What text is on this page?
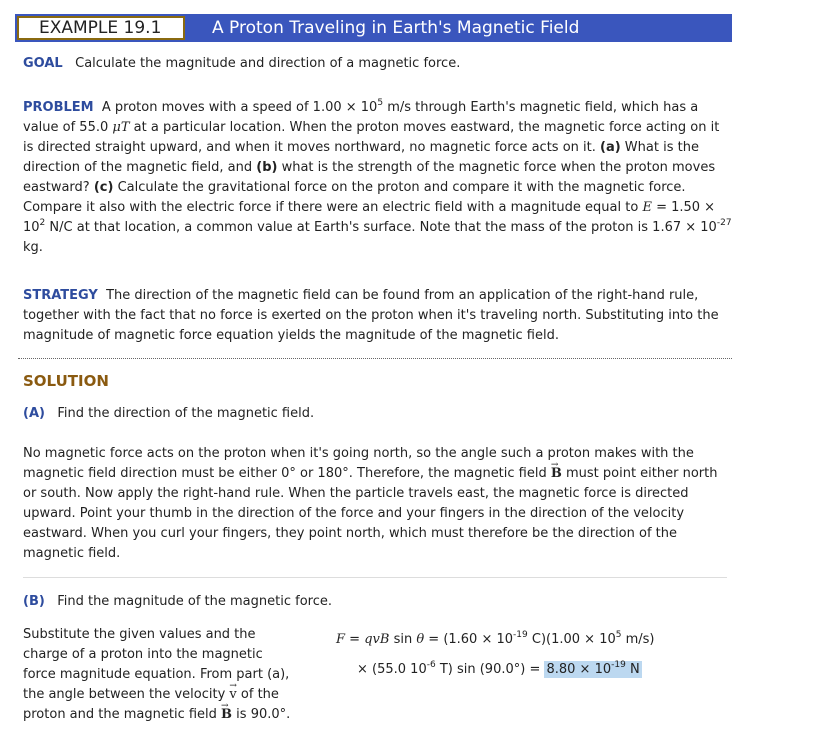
EXAMPLE 19.1	A Proton Traveling in Earth's Magnetic Field

GOAL Calculate the magnitude and direction of a magnetic force.

PROBLEM A proton moves with a speed of $1.00 \times 10^5$ m/s through Earth's magnetic field, which has a value of 55.0 μT at a particular location. When the proton moves eastward, the magnetic force acting on it is directed straight upward, and when it moves northward, no magnetic force acts on it. (a) What is the direction of the magnetic field, and (b) what is the strength of the magnetic force when the proton moves eastward? (c) Calculate the gravitational force on the proton and compare it with the magnetic force. Compare it also with the electric force if there were an electric field with a magnitude equal to $E = 1.50 \times 10^2$ N/C at that location, a common value at Earth's surface. Note that the mass of the proton is $1.67 \times 10^{-27}$ kg.

STRATEGY The direction of the magnetic field can be found from an application of the right-hand rule, together with the fact that no force is exerted on the proton when it's traveling north. Substituting into the magnitude of magnetic force equation yields the magnitude of the magnetic field.

SOLUTION

(A) Find the direction of the magnetic field.

No magnetic force acts on the proton when it's going north, so the angle such a proton makes with the magnetic field direction must be either 0° or 180°. Therefore, the magnetic field → B must point either north or south. Now apply the right-hand rule. When the particle travels east, the magnetic force is directed upward. Point your thumb in the direction of the force and your fingers in the direction of the velocity eastward. When you curl your fingers, they point north, which must therefore be the direction of the magnetic field.

(B) Find the magnitude of the magnetic force.

Substitute the given values and the charge of a proton into the magnetic force magnitude equation. From part (a), the angle between the velocity → v of the proton and the magnetic field → B is 90.0°.

F = qvB $\sin \theta = (1.60 \times 10^{-19}$ $C)(1.00 \times 10^5$ m/s)
× (55.0 $10^{-6}$ T) $\sin (90.0^\circ) = 8.80 \times 10^{-19}$ N
